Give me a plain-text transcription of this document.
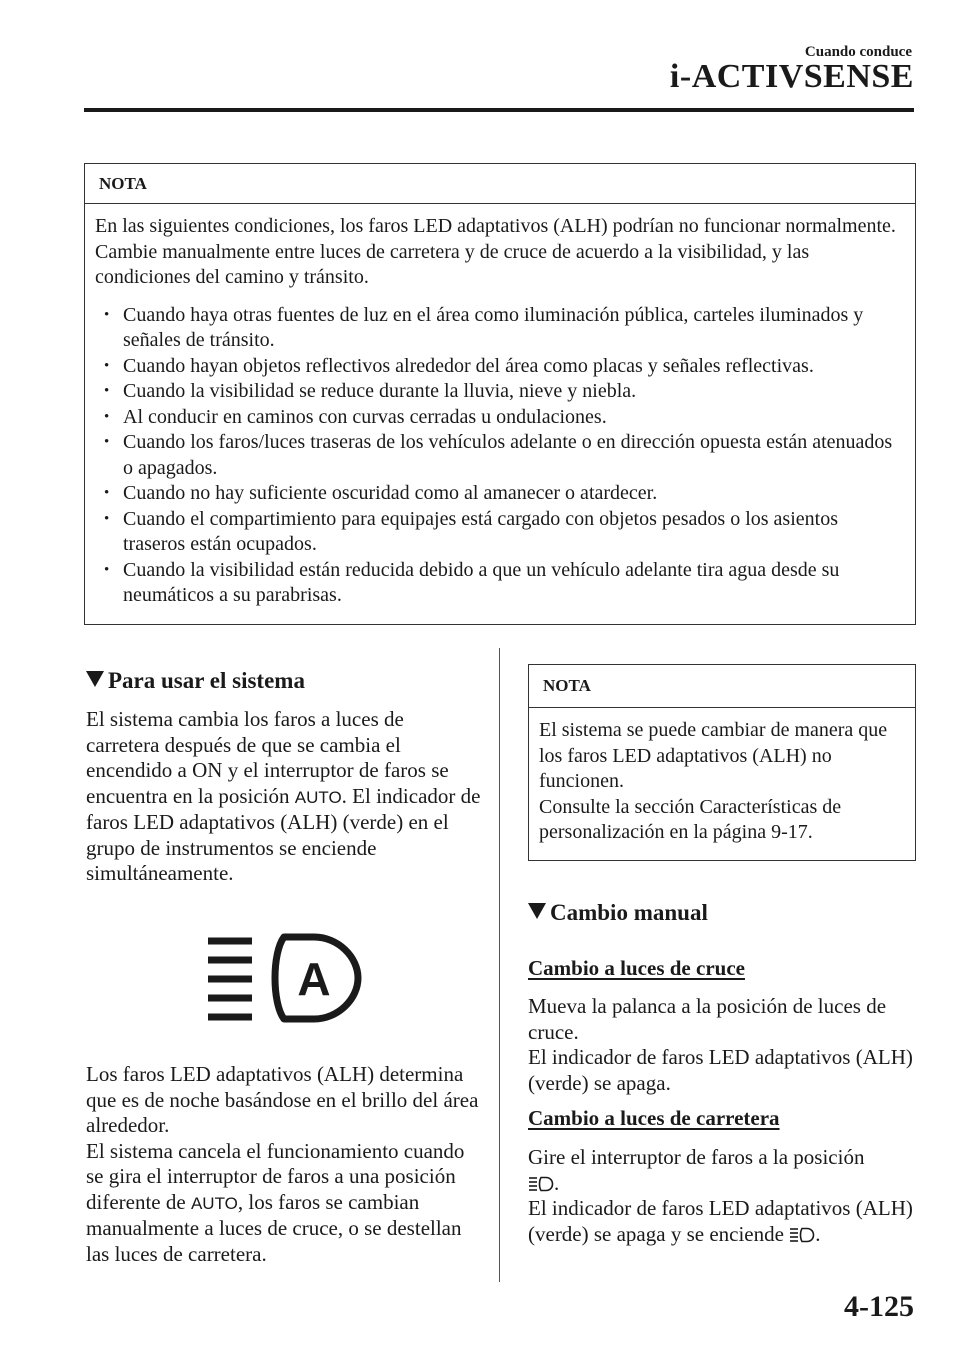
Cuando conduce
i-ACTIVSENSE
NOTA

En las siguientes condiciones, los faros LED adaptativos (ALH) podrían no funcionar normalmente. Cambie manualmente entre luces de carretera y de cruce de acuerdo a la visibilidad, y las condiciones del camino y tránsito.

• Cuando haya otras fuentes de luz en el área como iluminación pública, carteles iluminados y señales de tránsito.
• Cuando hayan objetos reflectivos alrededor del área como placas y señales reflectivas.
• Cuando la visibilidad se reduce durante la lluvia, nieve y niebla.
• Al conducir en caminos con curvas cerradas u ondulaciones.
• Cuando los faros/luces traseras de los vehículos adelante o en dirección opuesta están atenuados o apagados.
• Cuando no hay suficiente oscuridad como al amanecer o atardecer.
• Cuando el compartimiento para equipajes está cargado con objetos pesados o los asientos traseros están ocupados.
• Cuando la visibilidad están reducida debido a que un vehículo adelante tira agua desde su neumáticos a su parabrisas.
Para usar el sistema

El sistema cambia los faros a luces de carretera después de que se cambia el encendido a ON y el interruptor de faros se encuentra en la posición AUTO. El indicador de faros LED adaptativos (ALH) (verde) en el grupo de instrumentos se enciende simultáneamente.

A
Los faros LED adaptativos (ALH) determina que es de noche basándose en el brillo del área alrededor.
El sistema cancela el funcionamiento cuando se gira el interruptor de faros a una posición diferente de AUTO, los faros se cambian manualmente a luces de cruce, o se destellan las luces de carretera.
NOTA

El sistema se puede cambiar de manera que los faros LED adaptativos (ALH) no funcionen.

Consulte la sección Características de personalización en la página 9-17.

Cambio manual
Cambio a luces de cruce
Mueva la palanca a la posición de luces de cruce.
El indicador de faros LED adaptativos (ALH) (verde) se apaga.
Cambio a luces de carretera
Gire el interruptor de faros a la posición
.
El indicador de faros LED adaptativos (ALH) (verde) se apaga y se enciende .
4-125
